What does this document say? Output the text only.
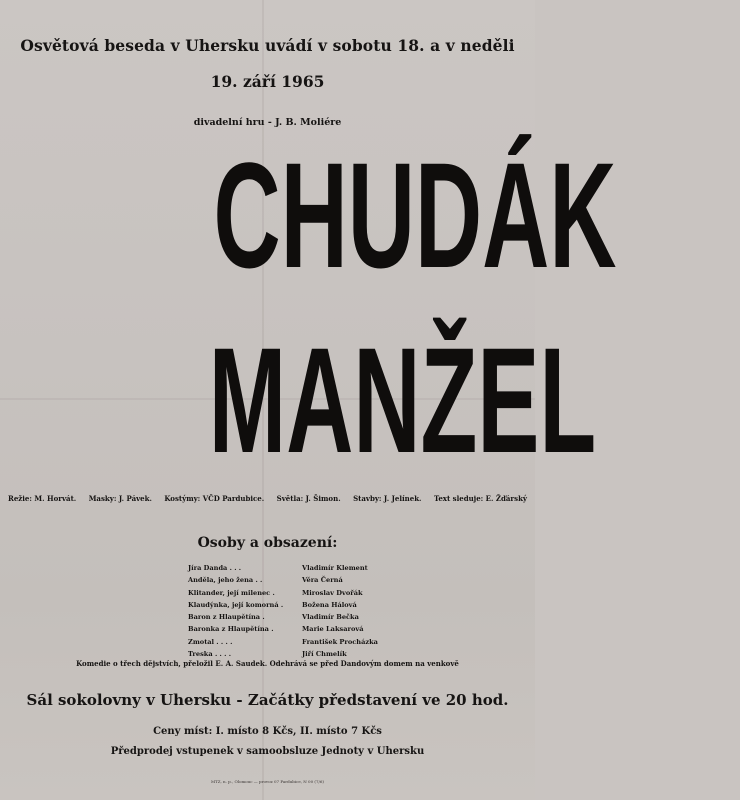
Osvětová beseda v Uhersku uvádí v sobotu 18. a v neděli
19. září 1965
divadelní hru - J. B. Moliére
CHUDÁK
MANŽEL
Režie: M. Horvát. Masky: J. Pávek. Kostýmy: VČD Pardubice. Světla: J. Šimon. Stavby: J. Jelínek. Text sleduje: E. Žďárský
Osoby a obsazení:
Jíra Danda . . .	Vladimír Klement
Anděla, jeho žena . .	Věra Černá
Klitander, její milenec .	Miroslav Dvořák
Klaudýnka, její komorná .	Božena Hálová
Baron z Hlaupětína .	Vladimír Bečka
Baronka z Hlaupětína .	Marie Laksarová
Zmotal . . . .	František Procházka
Treska . . . .	Jiří Chmelík
Komedie o třech dějstvích, přeložil E. A. Saudek. Odehrává se před Dandovým domem na venkově
Sál sokolovny v Uhersku - Začátky představení ve 20 hod.
Ceny míst: I. místo 8 Kčs, II. místo 7 Kčs
Předprodej vstupenek v samoobsluze Jednoty v Uhersku
MTZ, n. p., Olomouc — provoz 07 Pardubice, N 00 (7/6)
